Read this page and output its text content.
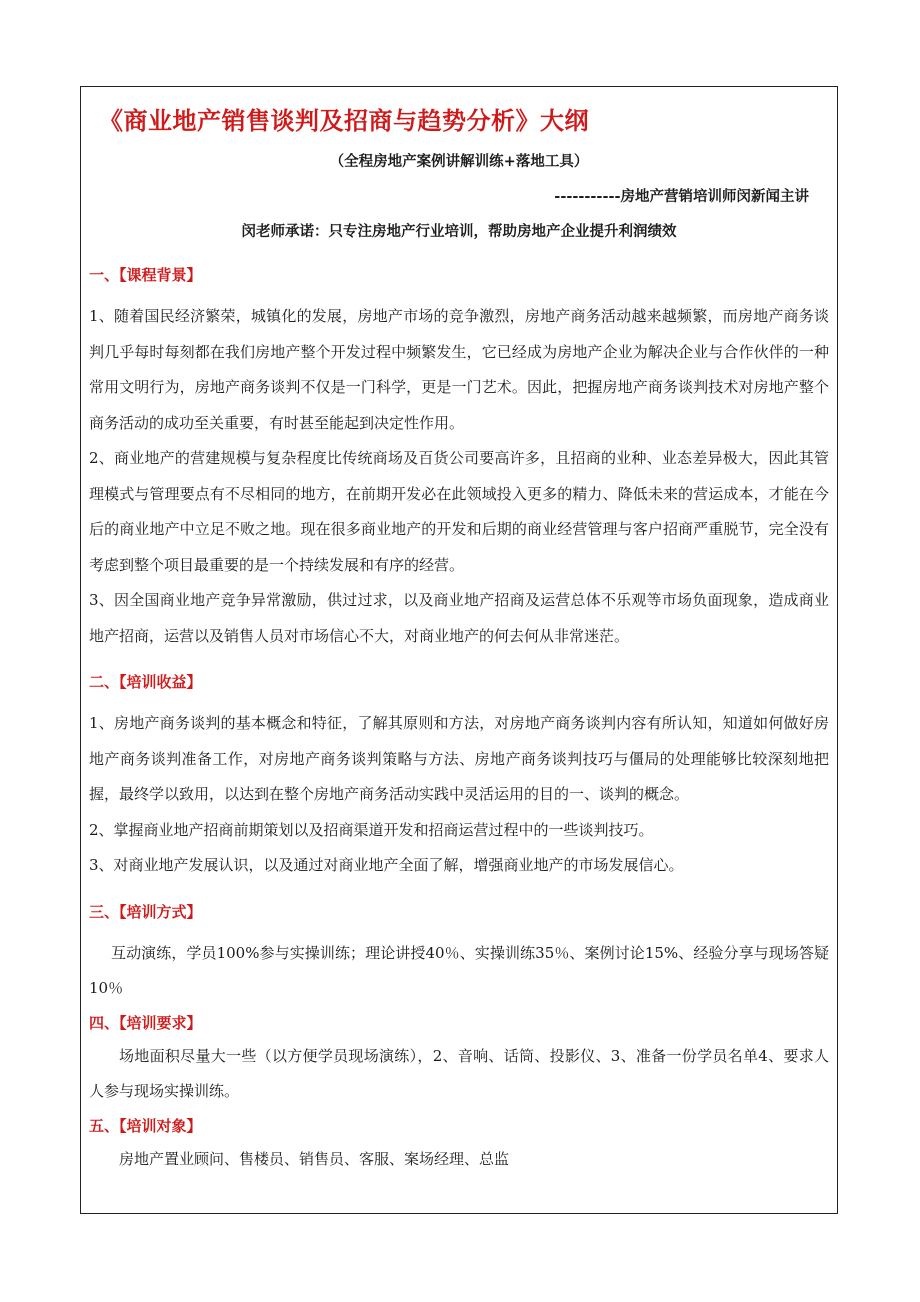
《商业地产销售谈判及招商与趋势分析》大纲
（全程房地产案例讲解训练+落地工具）
-----------房地产营销培训师闵新闻主讲
闵老师承诺：只专注房地产行业培训，帮助房地产企业提升利润绩效
一、【课程背景】

1、随着国民经济繁荣，城镇化的发展，房地产市场的竞争激烈，房地产商务活动越来越频繁，而房地产商务谈判几乎每时每刻都在我们房地产整个开发过程中频繁发生，它已经成为房地产企业为解决企业与合作伙伴的一种常用文明行为，房地产商务谈判不仅是一门科学，更是一门艺术。因此，把握房地产商务谈判技术对房地产整个商务活动的成功至关重要，有时甚至能起到决定性作用。

2、商业地产的营建规模与复杂程度比传统商场及百货公司要高许多，且招商的业种、业态差异极大，因此其管理模式与管理要点有不尽相同的地方，在前期开发必在此领域投入更多的精力、降低未来的营运成本，才能在今后的商业地产中立足不败之地。现在很多商业地产的开发和后期的商业经营管理与客户招商严重脱节，完全没有考虑到整个项目最重要的是一个持续发展和有序的经营。

3、因全国商业地产竞争异常激励，供过过求，以及商业地产招商及运营总体不乐观等市场负面现象，造成商业地产招商，运营以及销售人员对市场信心不大，对商业地产的何去何从非常迷茫。

二、【培训收益】

1、房地产商务谈判的基本概念和特征，了解其原则和方法，对房地产商务谈判内容有所认知，知道如何做好房地产商务谈判准备工作，对房地产商务谈判策略与方法、房地产商务谈判技巧与僵局的处理能够比较深刻地把握，最终学以致用，以达到在整个房地产商务活动实践中灵活运用的目的一、谈判的概念。

2、掌握商业地产招商前期策划以及招商渠道开发和招商运营过程中的一些谈判技巧。

3、对商业地产发展认识，以及通过对商业地产全面了解，增强商业地产的市场发展信心。

三、【培训方式】

互动演练，学员100%参与实操训练；理论讲授40％、实操训练35％、案例讨论15%、经验分享与现场答疑10％

四、【培训要求】

场地面积尽量大一些（以方便学员现场演练），2、音响、话筒、投影仪、3、准备一份学员名单4、要求人人参与现场实操训练。

五、【培训对象】

房地产置业顾问、售楼员、销售员、客服、案场经理、总监
